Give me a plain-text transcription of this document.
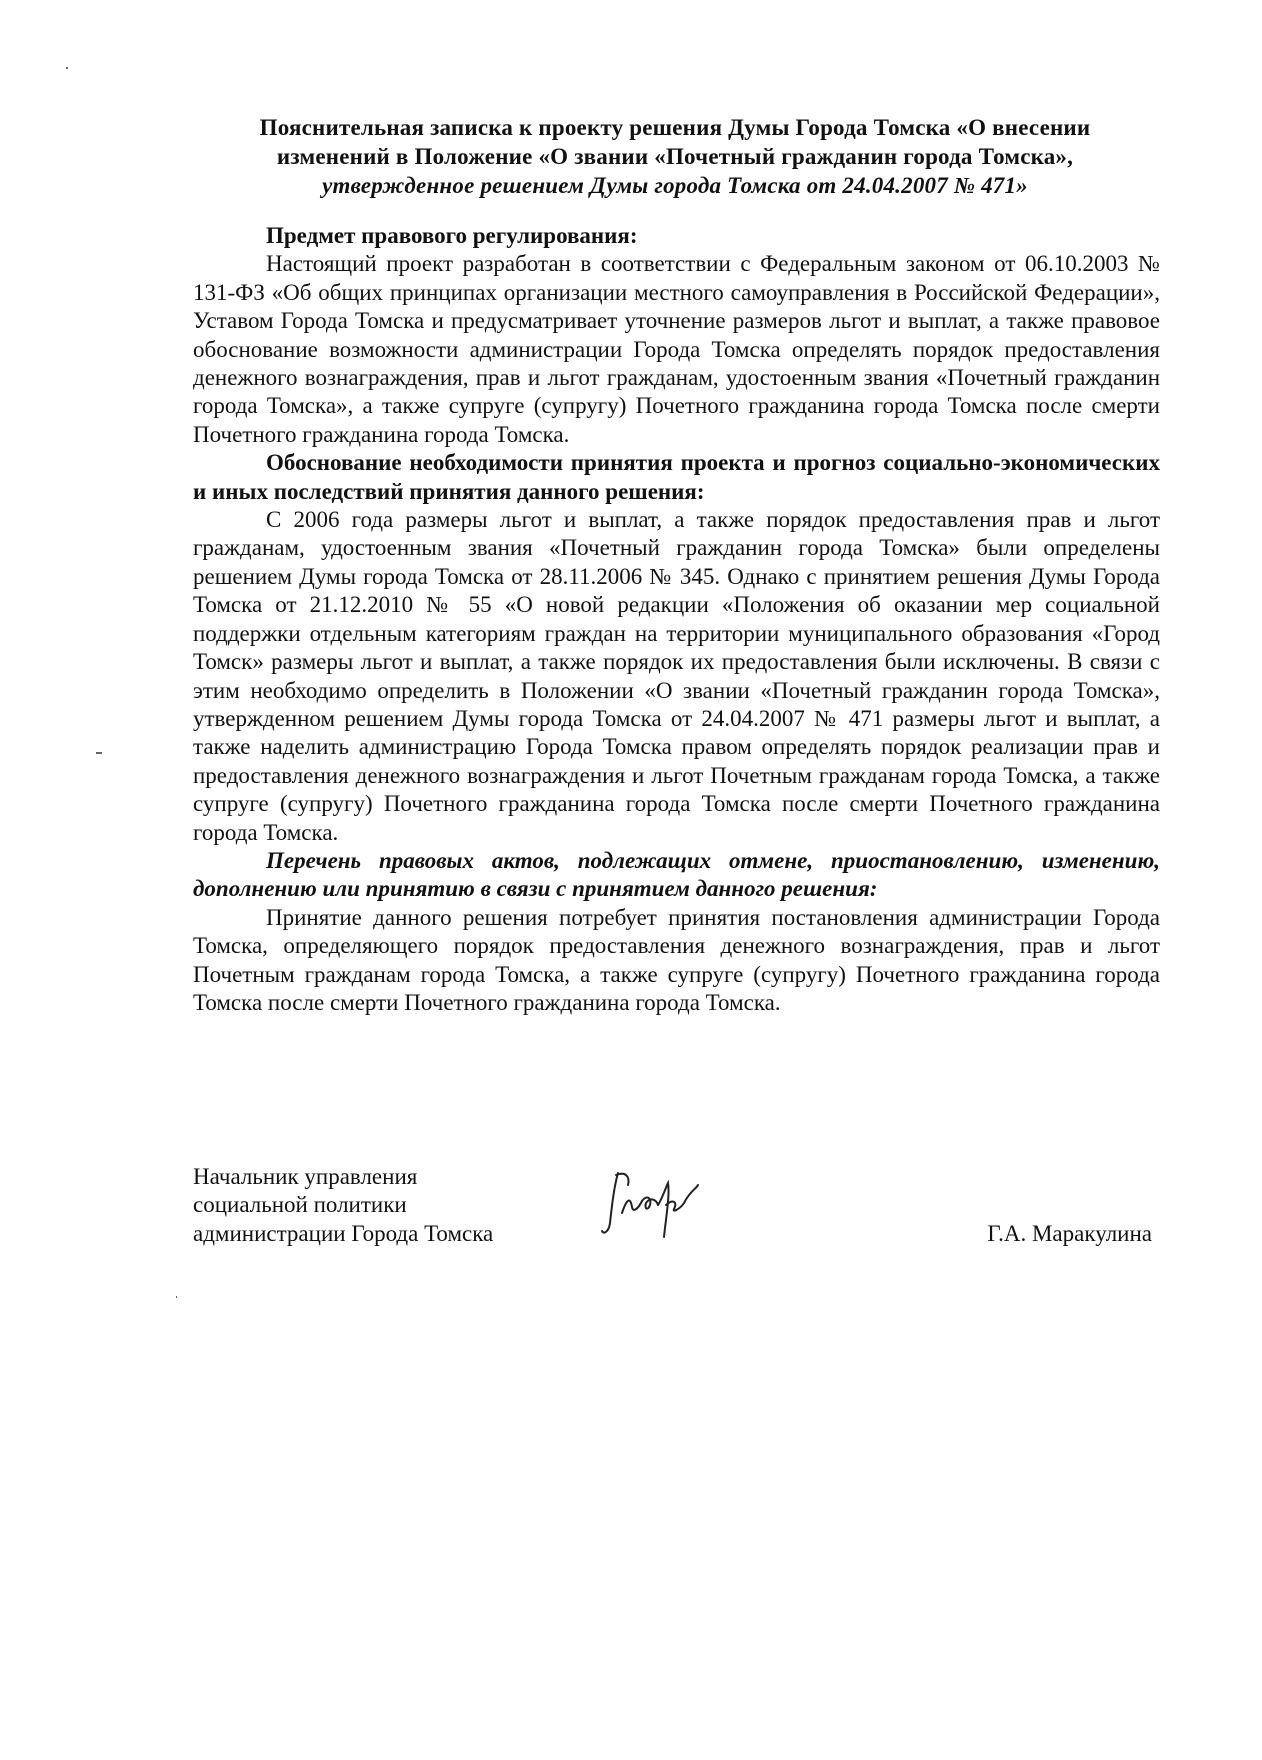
Пояснительная записка к проекту решения Думы Города Томска «О внесении
изменений в Положение «О звании «Почетный гражданин города Томска»,
утвержденное решением Думы города Томска от 24.04.2007 № 471»

Предмет правового регулирования:

Настоящий проект разработан в соответствии с Федеральным законом от 06.10.2003 № 131-ФЗ «Об общих принципах организации местного самоуправления в Российской Федерации», Уставом Города Томска и предусматривает уточнение размеров льгот и выплат, а также правовое обоснование возможности администрации Города Томска определять порядок предоставления денежного вознаграждения, прав и льгот гражданам, удостоенным звания «Почетный гражданин города Томска», а также супруге (супругу) Почетного гражданина города Томска после смерти Почетного гражданина города Томска.

Обоснование необходимости принятия проекта и прогноз социально-экономических и иных последствий принятия данного решения:

С 2006 года размеры льгот и выплат, а также порядок предоставления прав и льгот гражданам, удостоенным звания «Почетный гражданин города Томска» были определены решением Думы города Томска от 28.11.2006 № 345. Однако с принятием решения Думы Города Томска от 21.12.2010 № 55 «О новой редакции «Положения об оказании мер социальной поддержки отдельным категориям граждан на территории муниципального образования «Город Томск» размеры льгот и выплат, а также порядок их предоставления были исключены. В связи с этим необходимо определить в Положении «О звании «Почетный гражданин города Томска», утвержденном решением Думы города Томска от 24.04.2007 № 471 размеры льгот и выплат, а также наделить администрацию Города Томска правом определять порядок реализации прав и предоставления денежного вознаграждения и льгот Почетным гражданам города Томска, а также супруге (супругу) Почетного гражданина города Томска после смерти Почетного гражданина города Томска.

Перечень правовых актов, подлежащих отмене, приостановлению, изменению, дополнению или принятию в связи с принятием данного решения:

Принятие данного решения потребует принятия постановления администрации Города Томска, определяющего порядок предоставления денежного вознаграждения, прав и льгот Почетным гражданам города Томска, а также супруге (супругу) Почетного гражданина города Томска после смерти Почетного гражданина города Томска.

Начальник управления
социальной политики
администрации Города Томска	Г.А. Маракулина
